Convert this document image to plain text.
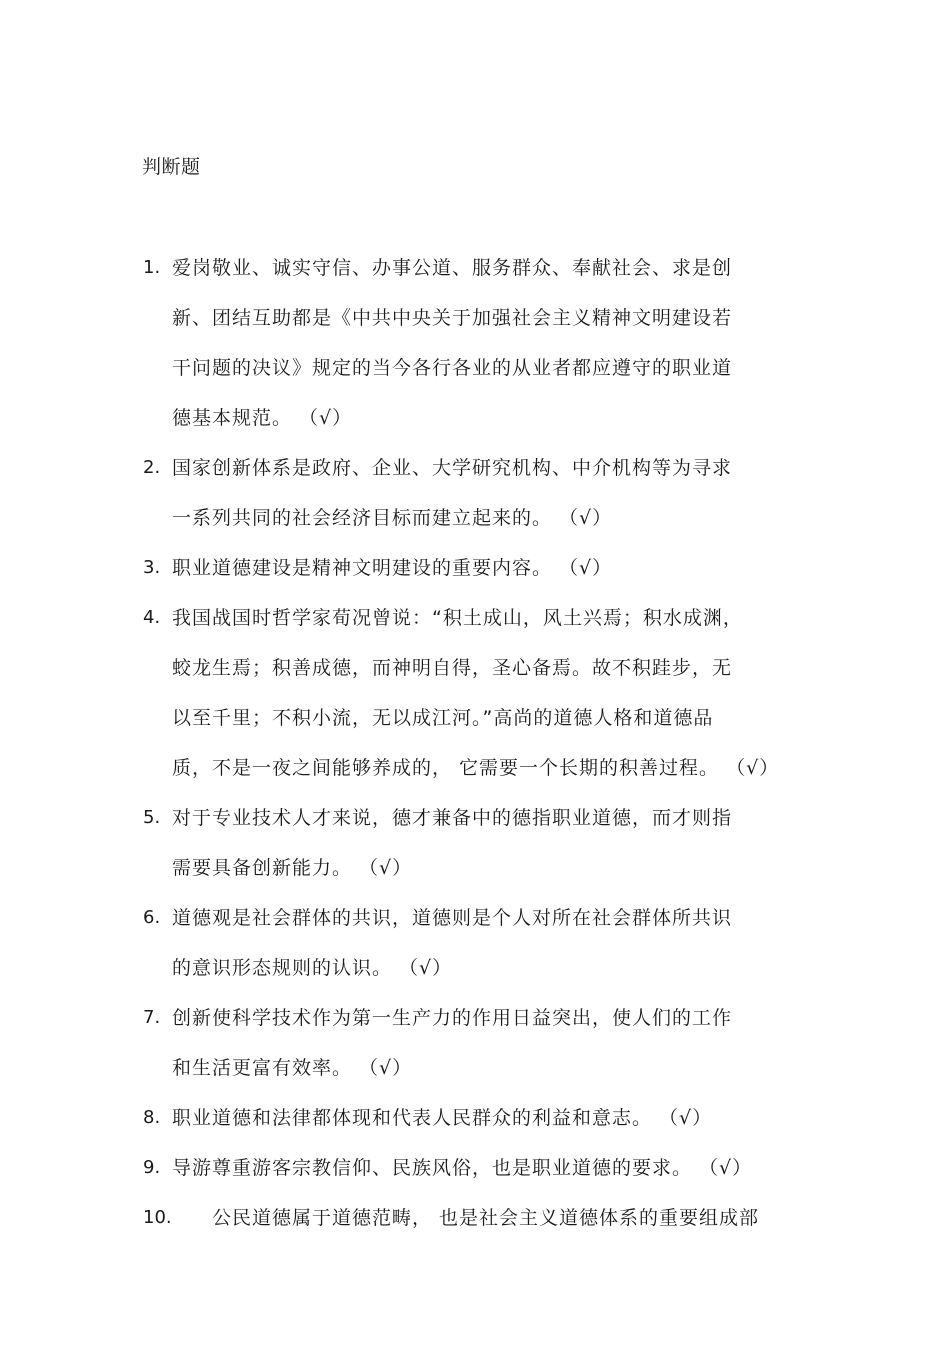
判断题
1. 爱岗敬业、诚实守信、办事公道、服务群众、奉献社会、求是创
新、团结互助都是《中共中央关于加强社会主义精神文明建设若
干问题的决议》规定的当今各行各业的从业者都应遵守的职业道
德基本规范。 （√）
2. 国家创新体系是政府、企业、大学研究机构、中介机构等为寻求
一系列共同的社会经济目标而建立起来的。 （√）
3. 职业道德建设是精神文明建设的重要内容。 （√）
4. 我国战国时哲学家荀况曾说：“积土成山，风土兴焉；积水成渊，
蛟龙生焉；积善成德，而神明自得，圣心备焉。故不积跬步，无
以至千里；不积小流，无以成江河。”高尚的道德人格和道德品
质，不是一夜之间能够养成的， 它需要一个长期的积善过程。 （√）
5. 对于专业技术人才来说，德才兼备中的德指职业道德，而才则指
需要具备创新能力。 （√）
6. 道德观是社会群体的共识，道德则是个人对所在社会群体所共识
的意识形态规则的认识。 （√）
7. 创新使科学技术作为第一生产力的作用日益突出，使人们的工作
和生活更富有效率。 （√）
8. 职业道德和法律都体现和代表人民群众的利益和意志。 （√）
9. 导游尊重游客宗教信仰、民族风俗，也是职业道德的要求。 （√）
10. 公民道德属于道德范畴， 也是社会主义道德体系的重要组成部
